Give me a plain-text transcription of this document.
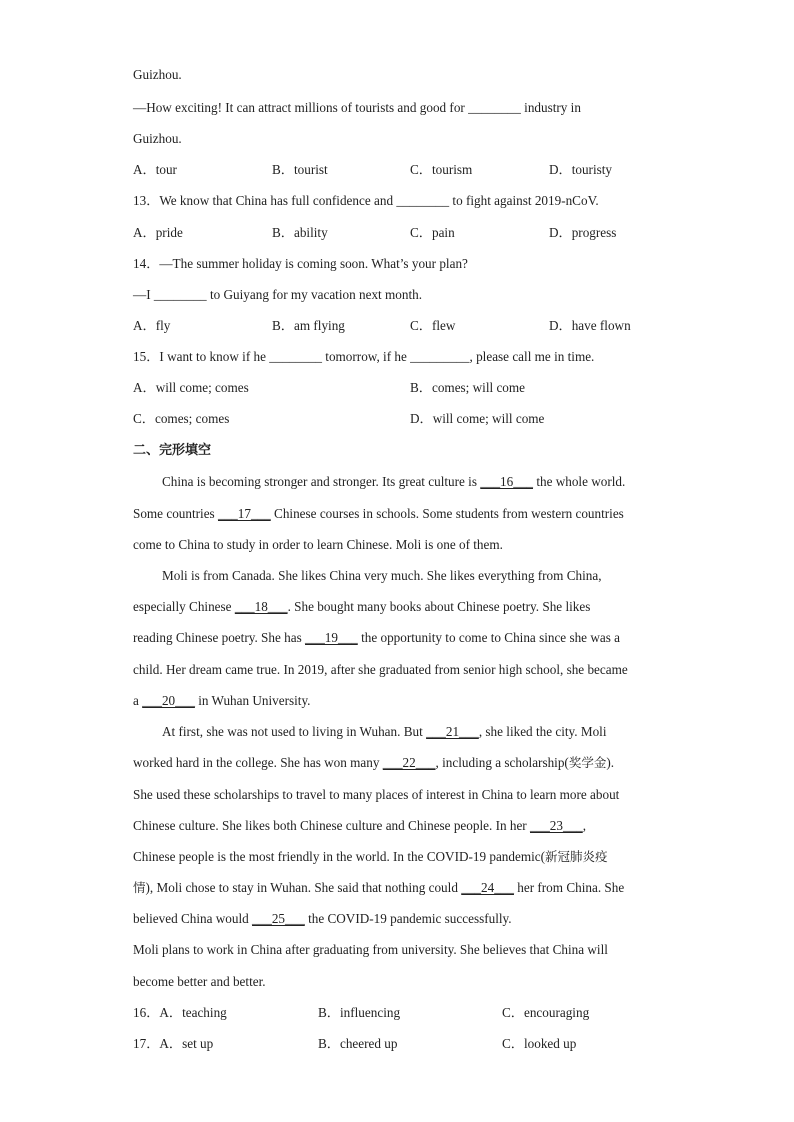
Guizhou.
—How exciting! It can attract millions of tourists and good for ________ industry in
Guizhou.
A．tour	B．tourist	C．tourism	D．touristy
13．We know that China has full confidence and ________ to fight against 2019-nCoV.
A．pride	B．ability	C．pain	D．progress
14．—The summer holiday is coming soon. What’s your plan?
—I ________ to Guiyang for my vacation next month.
A．fly	B．am flying	C．flew	D．have flown
15．I want to know if he ________ tomorrow, if he _________, please call me in time.
A．will come; comes	B．comes; will come
C．comes; comes	D．will come; will come
二、完形填空
China is becoming stronger and stronger. Its great culture is ___16___ the whole world.
Some countries ___17___ Chinese courses in schools. Some students from western countries
come to China to study in order to learn Chinese. Moli is one of them.
Moli is from Canada. She likes China very much. She likes everything from China,
especially Chinese ___18___. She bought many books about Chinese poetry. She likes
reading Chinese poetry. She has ___19___ the opportunity to come to China since she was a
child. Her dream came true. In 2019, after she graduated from senior high school, she became
a ___20___ in Wuhan University.
At first, she was not used to living in Wuhan. But ___21___, she liked the city. Moli
worked hard in the college. She has won many ___22___, including a scholarship(奖学金).
She used these scholarships to travel to many places of interest in China to learn more about
Chinese culture. She likes both Chinese culture and Chinese people. In her ___23___,
Chinese people is the most friendly in the world. In the COVID-19 pandemic(新冠肺炎疫
情), Moli chose to stay in Wuhan. She said that nothing could ___24___ her from China. She
believed China would ___25___ the COVID-19 pandemic successfully.
Moli plans to work in China after graduating from university. She believes that China will
become better and better.
16．A．teaching	B．influencing	C．encouraging
17．A．set up	B．cheered up	C．looked up
